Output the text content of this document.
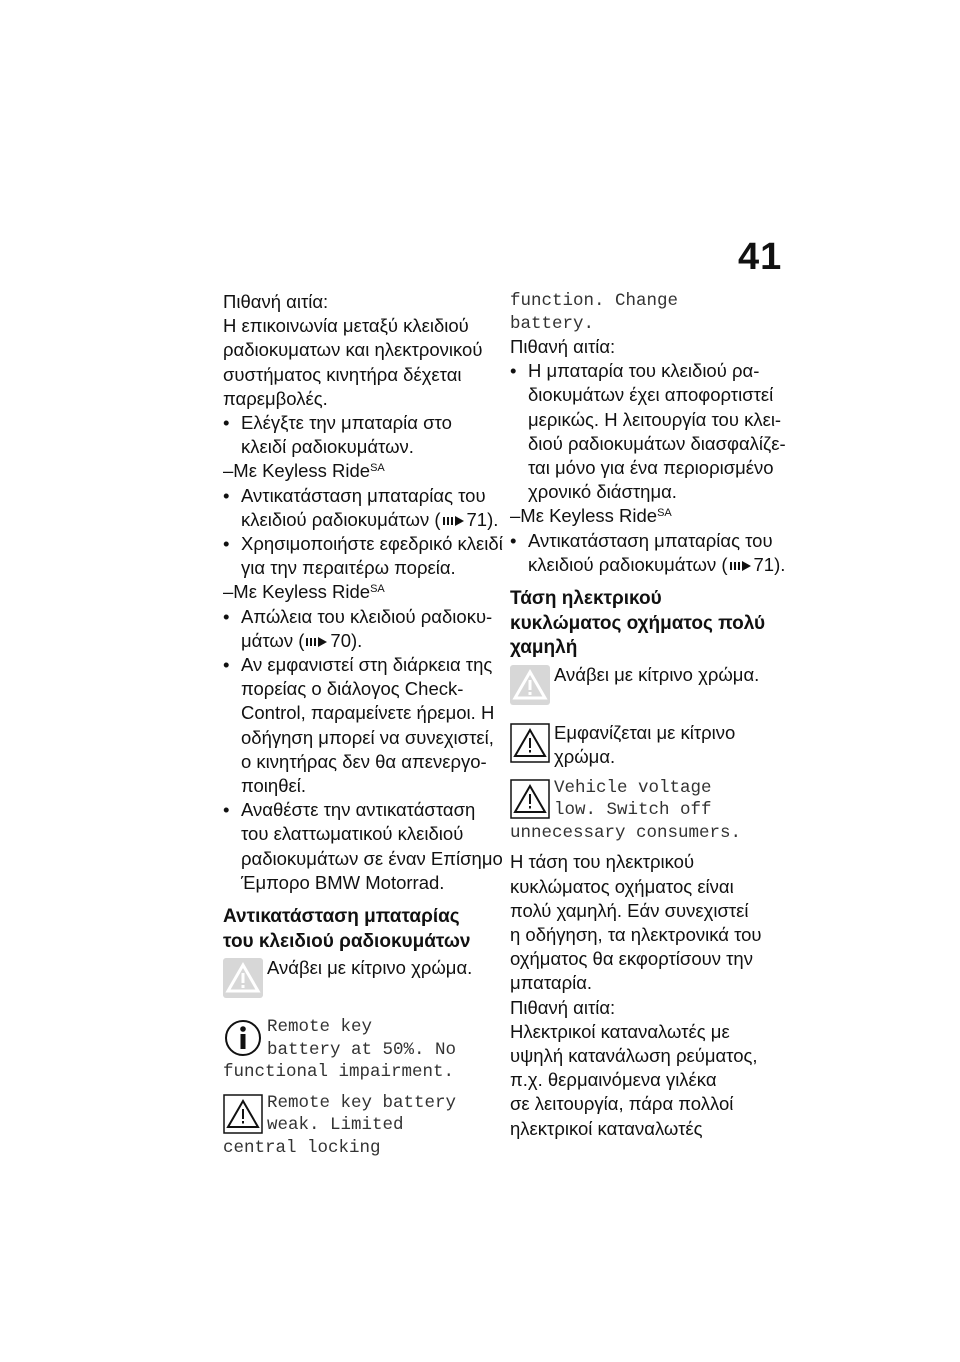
41
Πιθανή αιτία:
Η επικοινωνία μεταξύ κλειδιού
ραδιοκυματων και ηλεκτρονικού
συστήματος κινητήρα δέχεται
παρεμβολές.
• Ελέγξτε την μπαταρία στο
κλειδί ραδιοκυμάτων.
–Με Keyless Ride$^{SA}$
• Αντικατάσταση μπαταρίας του
κλειδιού ραδιοκυμάτων ( 71).
• Χρησιμοποιήστε εφεδρικό κλειδί
για την περαιτέρω πορεία.
–Με Keyless Ride$^{SA}$
• Απώλεια του κλειδιού ραδιοκυ-
μάτων ( 70).
• Αν εμφανιστεί στη διάρκεια της
πορείας ο διάλογος Check-
Control, παραμείνετε ήρεμοι. Η
οδήγηση μπορεί να συνεχιστεί,
ο κινητήρας δεν θα απενεργο-
ποιηθεί.
• Αναθέστε την αντικατάσταση
του ελαττωματικού κλειδιού
ραδιοκυμάτων σε έναν Επίσημο
Έμπορο BMW Motorrad.
Αντικατάσταση μπαταρίας
του κλειδιού ραδιοκυμάτων
Ανάβει με κίτρινο χρώμα.
Remote key
battery at 50%. No
functional impairment.
Remote key battery
weak. Limited
central locking
function. Change
battery.
Πιθανή αιτία:
• Η μπαταρία του κλειδιού ρα-
διοκυμάτων έχει αποφορτιστεί
μερικώς. Η λειτουργία του κλει-
διού ραδιοκυμάτων διασφαλίζε-
ται μόνο για ένα περιορισμένο
χρονικό διάστημα.
–Με Keyless Ride$^{SA}$
• Αντικατάσταση μπαταρίας του
κλειδιού ραδιοκυμάτων ( 71).
Τάση ηλεκτρικού
κυκλώματος οχήματος πολύ
χαμηλή
Ανάβει με κίτρινο χρώμα.
Εμφανίζεται με κίτρινο
χρώμα.
Vehicle voltage
low. Switch off
unnecessary consumers.
Η τάση του ηλεκτρικού
κυκλώματος οχήματος είναι
πολύ χαμηλή. Εάν συνεχιστεί
η οδήγηση, τα ηλεκτρονικά του
οχήματος θα εκφορτίσουν την
μπαταρία.
Πιθανή αιτία:
Ηλεκτρικοί καταναλωτές με
υψηλή κατανάλωση ρεύματος,
π.χ. θερμαινόμενα γιλέκα
σε λειτουργία, πάρα πολλοί
ηλεκτρικοί καταναλωτές
